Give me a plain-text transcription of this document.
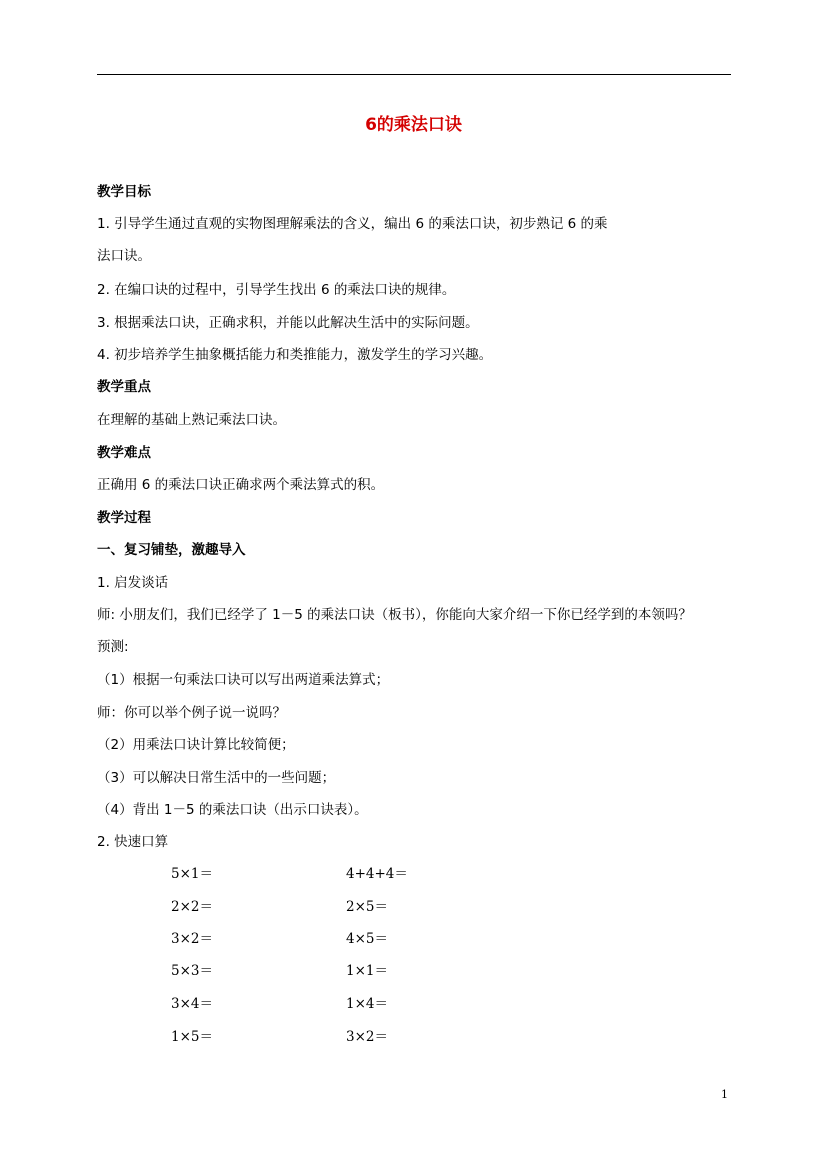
6的乘法口诀
教学目标
1. 引导学生通过直观的实物图理解乘法的含义，编出 6 的乘法口诀，初步熟记 6 的乘
法口诀。
2. 在编口诀的过程中，引导学生找出 6 的乘法口诀的规律。
3. 根据乘法口诀，正确求积，并能以此解决生活中的实际问题。
4. 初步培养学生抽象概括能力和类推能力，激发学生的学习兴趣。
教学重点
在理解的基础上熟记乘法口诀。
教学难点
正确用 6 的乘法口诀正确求两个乘法算式的积。
教学过程
一、复习铺垫，激趣导入
1. 启发谈话
师: 小朋友们，我们已经学了 1－5 的乘法口诀（板书），你能向大家介绍一下你已经学到的本领吗？
预测:
（1）根据一句乘法口诀可以写出两道乘法算式；
师：你可以举个例子说一说吗？
（2）用乘法口诀计算比较简便；
（3）可以解决日常生活中的一些问题；
（4）背出 1－5 的乘法口诀（出示口诀表）。
2. 快速口算
5×1＝
2×2＝
3×2＝
5×3＝
3×4＝
1×5＝
4+4+4＝
2×5＝
4×5＝
1×1＝
1×4＝
3×2＝
1
